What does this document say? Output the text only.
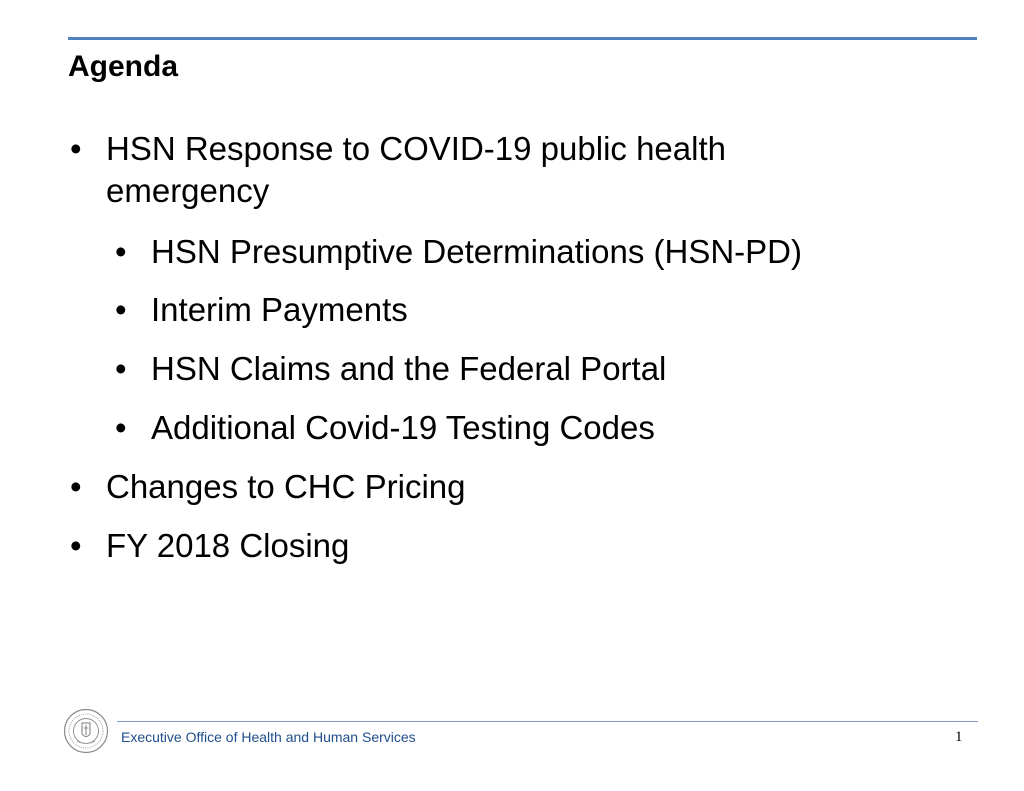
Agenda
• HSN Response to COVID-19 public health emergency
• HSN Presumptive Determinations (HSN-PD)
• Interim Payments
• HSN Claims and the Federal Portal
• Additional Covid-19 Testing Codes
• Changes to CHC Pricing
• FY 2018 Closing
Executive Office of Health and Human Services	1
